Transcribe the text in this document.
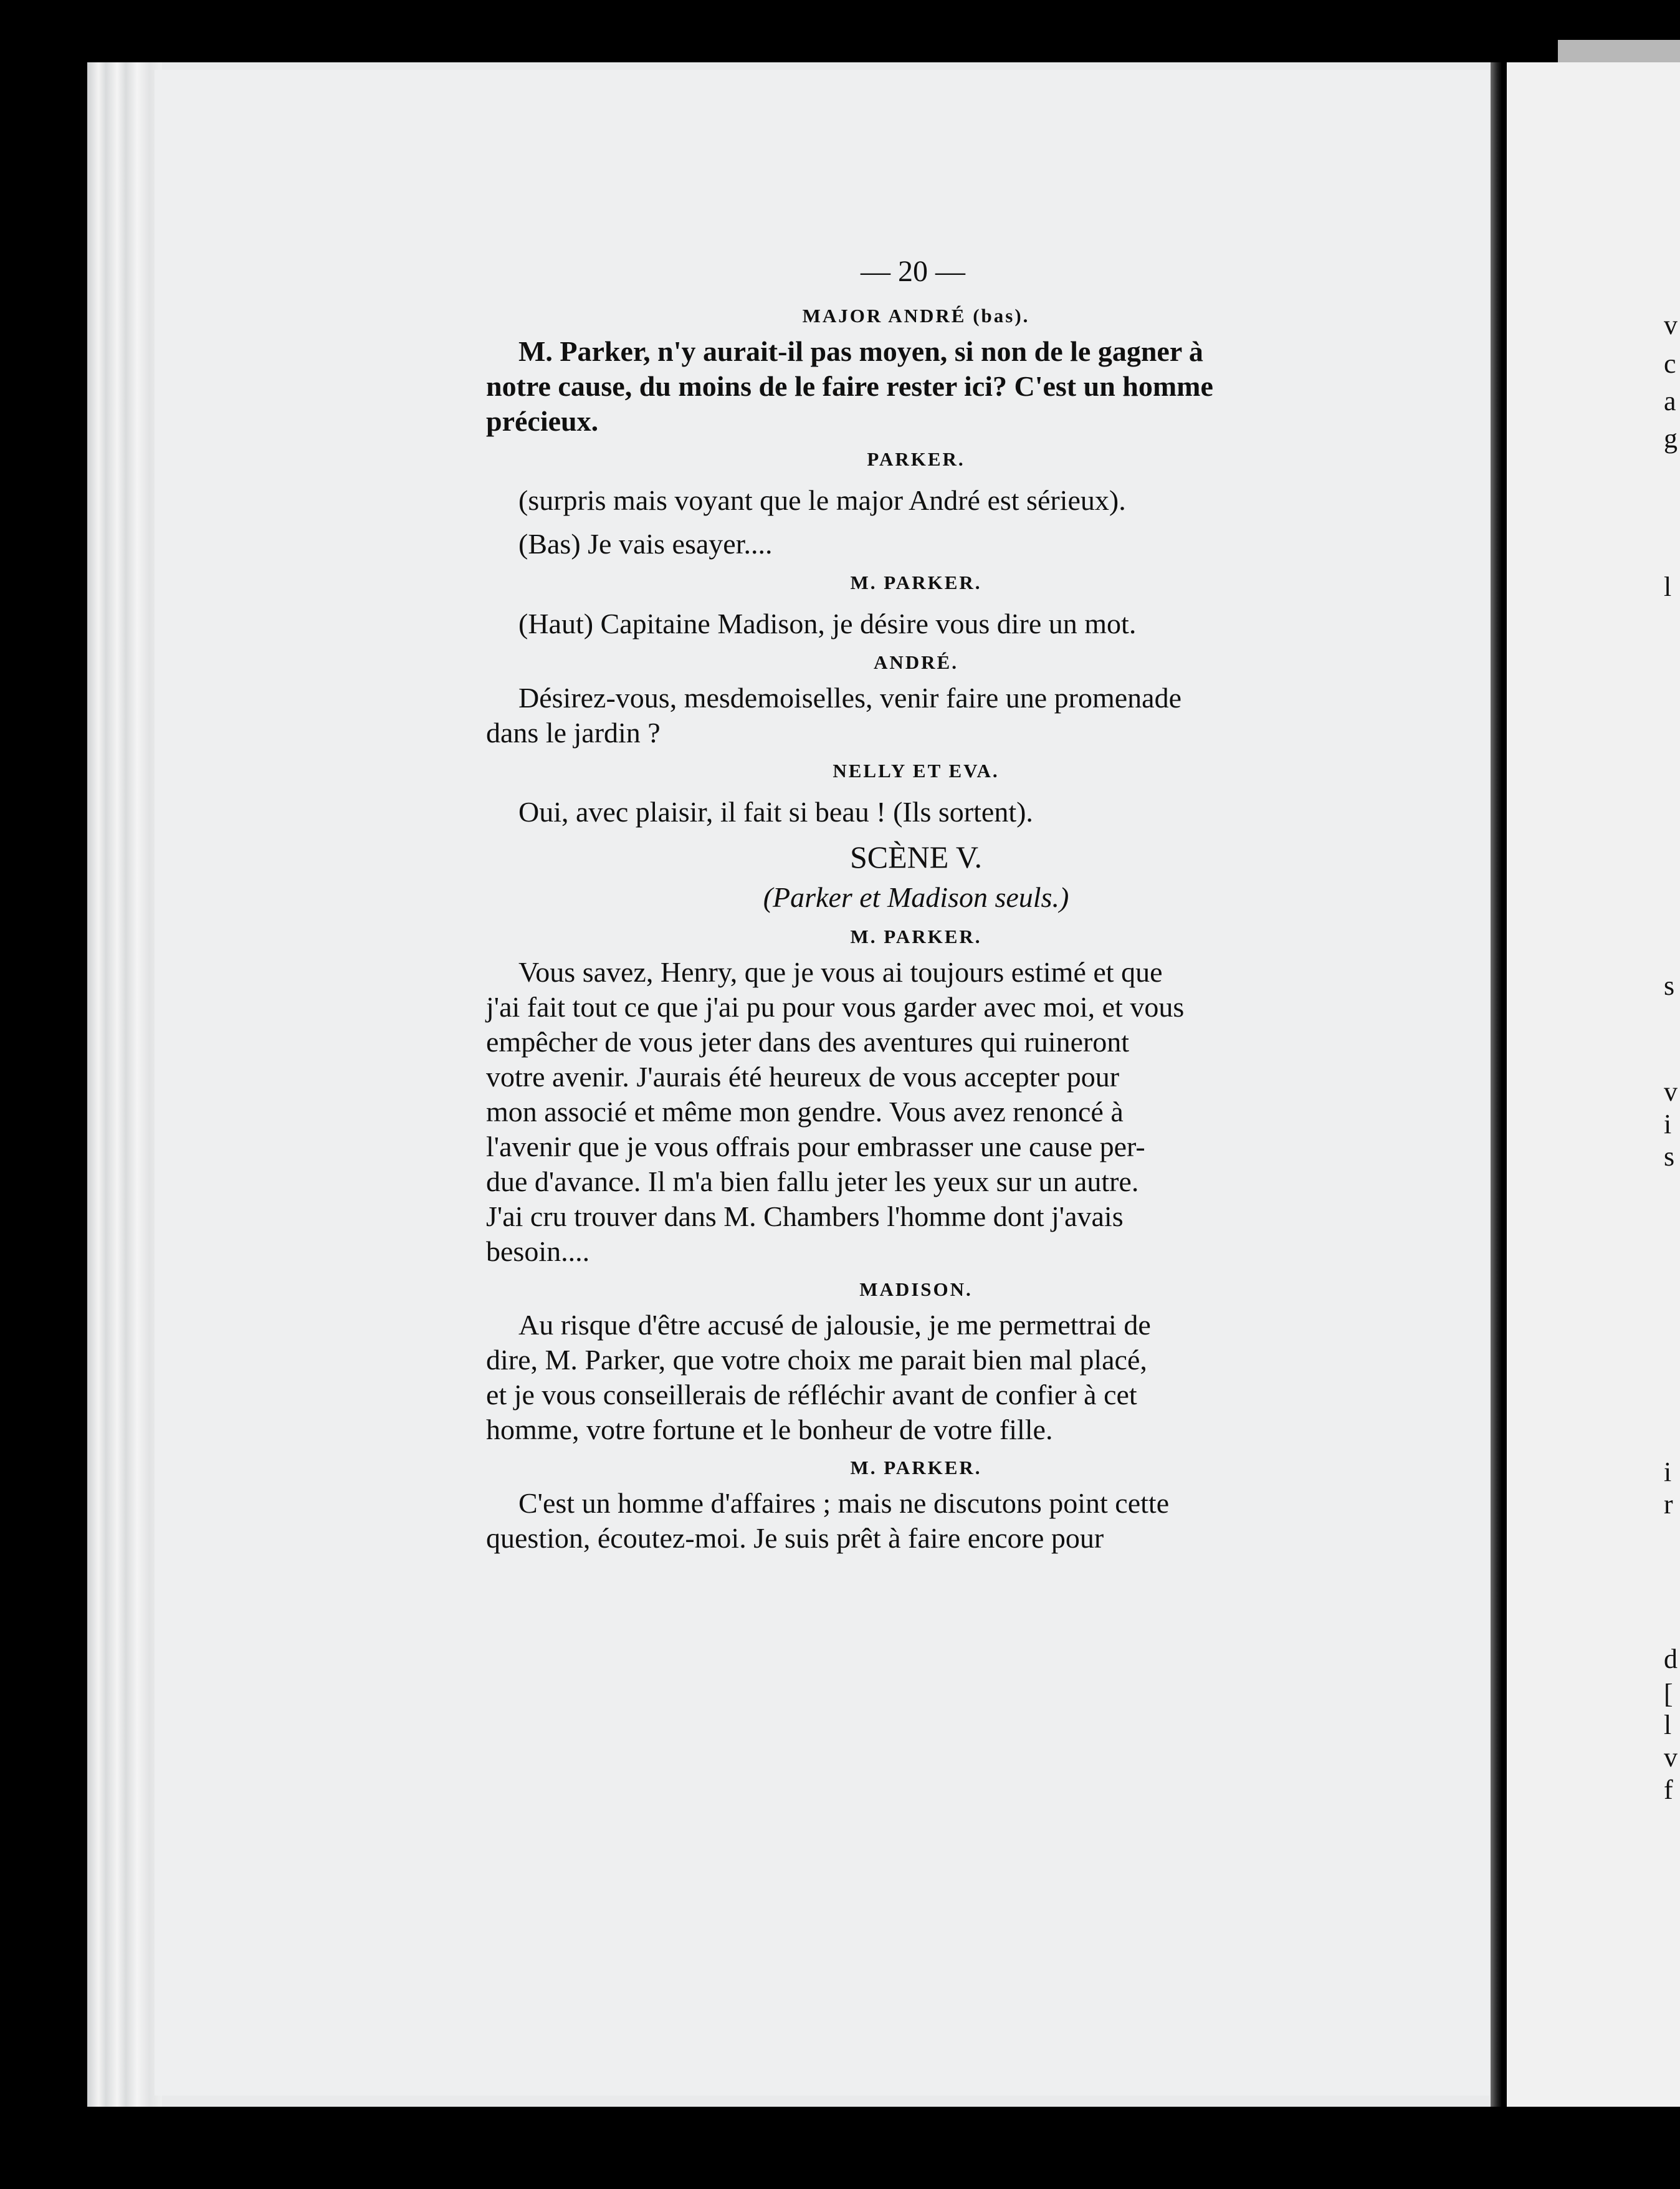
v
c
a
g
l
s
v
i
s
i
r
d
[
l
v
f
— 20 —
MAJOR ANDRÉ (bas).
M. Parker, n'y aurait-il pas moyen, si non de le gagner à
notre cause, du moins de le faire rester ici? C'est un homme
précieux.
PARKER.
(surpris mais voyant que le major André est sérieux).
(Bas) Je vais esayer....
M. PARKER.
(Haut) Capitaine Madison, je désire vous dire un mot.
ANDRÉ.
Désirez-vous, mesdemoiselles, venir faire une promenade
dans le jardin ?
NELLY ET EVA.
Oui, avec plaisir, il fait si beau ! (Ils sortent).
SCÈNE V.
(Parker et Madison seuls.)
M. PARKER.
Vous savez, Henry, que je vous ai toujours estimé et que
j'ai fait tout ce que j'ai pu pour vous garder avec moi, et vous
empêcher de vous jeter dans des aventures qui ruineront
votre avenir. J'aurais été heureux de vous accepter pour
mon associé et même mon gendre. Vous avez renoncé à
l'avenir que je vous offrais pour embrasser une cause per-
due d'avance. Il m'a bien fallu jeter les yeux sur un autre.
J'ai cru trouver dans M. Chambers l'homme dont j'avais
besoin....
MADISON.
Au risque d'être accusé de jalousie, je me permettrai de
dire, M. Parker, que votre choix me parait bien mal placé,
et je vous conseillerais de réfléchir avant de confier à cet
homme, votre fortune et le bonheur de votre fille.
M. PARKER.
C'est un homme d'affaires ; mais ne discutons point cette
question, écoutez-moi. Je suis prêt à faire encore pour
